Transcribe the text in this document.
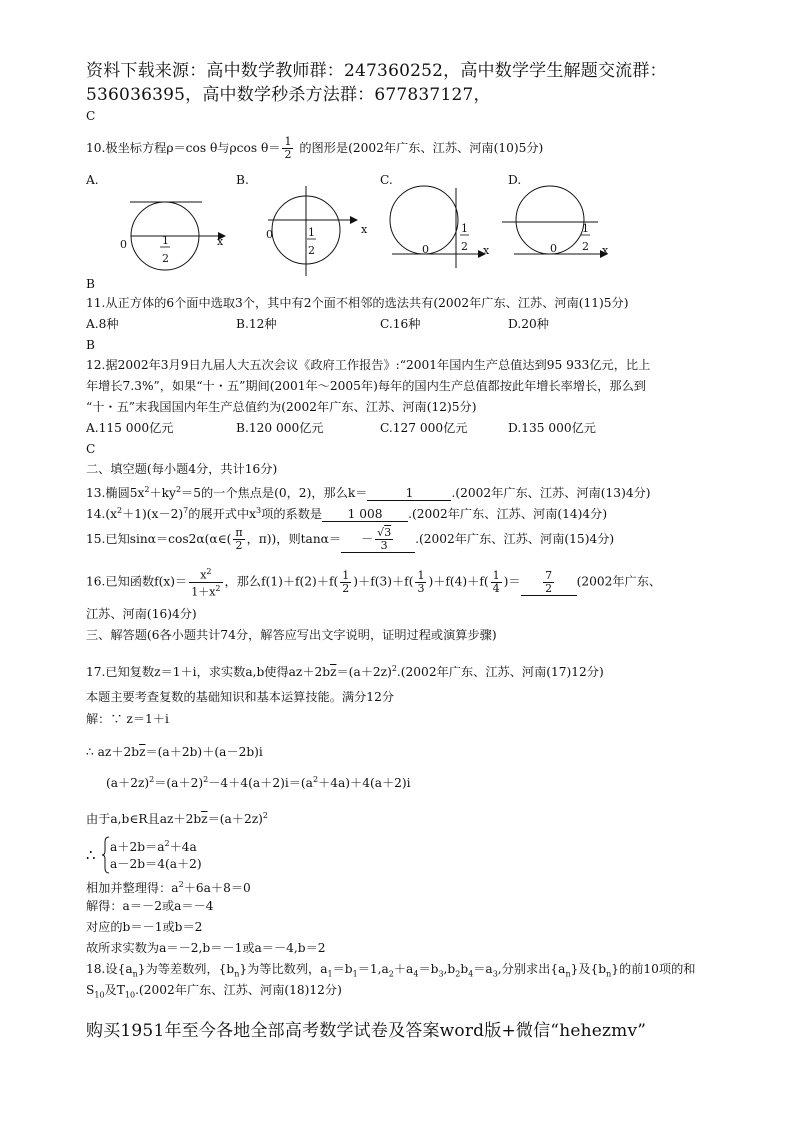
资料下载来源：高中数学教师群：247360252，高中数学学生解题交流群：
536036395，高中数学秒杀方法群：677837127，
C
10.极坐标方程ρ＝cos θ与ρcos $\theta= \frac{1}{2}$ 的图形是(2002年广东、江苏、河南(10)5分)
A.	B.	C.	D.
0	x
1
2
0	x
1
2	0	x
1
2	0	x
1
2
B
11.从正方体的6个面中选取3个，其中有2个面不相邻的选法共有(2002年广东、江苏、河南(11)5分)
A.8种	B.12种	C.16种	D.20种
B
12.据2002年3月9日九届人大五次会议《政府工作报告》:“2001年国内生产总值达到95 933亿元，比上
年增长7.3%”，如果“十・五”期间(2001年～2005年)每年的国内生产总值都按此年增长率增长，那么到
“十・五”末我国国内年生产总值约为(2002年广东、江苏、河南(12)5分)
A.115 000亿元	B.120 000亿元	C.127 000亿元	D.135 000亿元
C
二、填空题(每小题4分，共计16分)
13.椭圆$5x^2+ky^2=5$的一个焦点是(0，2)，那么k＝	1	.(2002年广东、江苏、河南(13)4分)
$14.(x^2+1)(x-2)^7$的展开式中$x^3$项的系数是 1 008 .(2002年广东、江苏、河南(14)4分)
15.已知sinα＝cos2α(α∈( $\frac{\pi}{2}$ ，π))，则$\tan\alpha= - \frac{√3}{3} .(2002$年广东、江苏、河南(15)4分)
16.已知函数$f(x)= \frac{x^2}{1+x^2}$ ，那么$f(1)+f(2)+f( \frac{1}{2} )+f(3)+f( \frac{1}{3} )+f(4)+f( \frac{1}{4}$ )＝ $\frac{7}{2} (2002$年广东、
江苏、河南(16)4分)
三、解答题(6各小题共计74分，解答应写出文字说明，证明过程或演算步骤)
17.已知复数z＝1＋i，求实数a,b使得$az+2b\overline{z}=(a+2z)^2.(2002$年广东、江苏、河南(17)12分)
本题主要考查复数的基础知识和基本运算技能。满分12分
解：∵ z＝1＋i
∴ $az+2b\overline{z}=(a+2b)+(a-2b)i$
$(a+2z)^2=(a+2)^2-4+4(a+2)i=(a^2+4a)+4(a+2)i$
由于a,b∈R且$az+2b\overline{z}=(a+2z)^2$
∴ $a+2b=a^2+4a$
a－2b＝4(a＋2)
相加并整理得：$a^2+6a+8=0$
解得：a＝－2或a＝－4
对应的b＝－1或b＝2
故所求实数为a＝－2,b＝－1或a＝－4,b＝2
18.设$\{a_n\}$为等差数列，$\{b_n\}$为等比数列，$a_1=b_1=1,a_2+a_4=b_3,b_2b_4=a_3$,分别求出$\{a_n\}$及$\{b_n\}$的前10项的和
$S_{10}$及$T_{10}.(2002$年广东、江苏、河南(18)12分)
购买1951年至今各地全部高考数学试卷及答案word版+微信“hehezmv”
